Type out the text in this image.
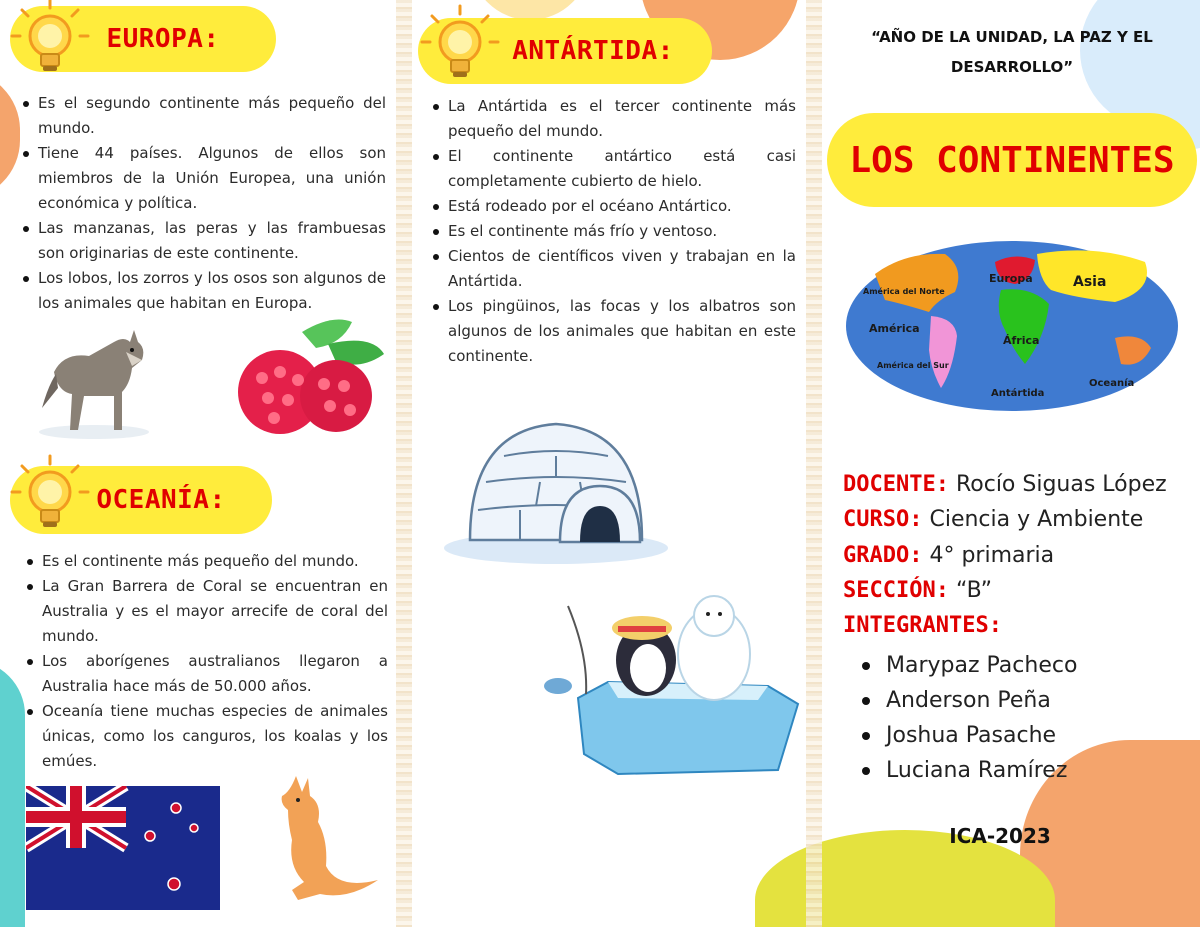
EUROPA:
Es el segundo continente más pequeño del mundo.
Tiene 44 países. Algunos de ellos son miembros de la Unión Europea, una unión económica y política.
Las manzanas, las peras y las frambuesas son originarias de este continente.
Los lobos, los zorros y los osos son algunos de los animales que habitan en Europa.
OCEANÍA:
Es el continente más pequeño del mundo.
La Gran Barrera de Coral se encuentran en Australia y es el mayor arrecife de coral del mundo.
Los aborígenes australianos llegaron a Australia hace más de 50.000 años.
Oceanía tiene muchas especies de animales únicas, como los canguros, los koalas y los emúes.
ANTÁRTIDA:
La Antártida es el tercer continente más pequeño del mundo.
El continente antártico está casi completamente cubierto de hielo.
Está rodeado por el océano Antártico.
Es el continente más frío y ventoso.
Cientos de científicos viven y trabajan en la Antártida.
Los pingüinos, las focas y los albatros son algunos de los animales que habitan en este continente.
“AÑO DE LA UNIDAD, LA PAZ Y EL DESARROLLO”
LOS CONTINENTES
América del Norte
América
América del Sur
Europa	Asia
África
Oceanía
Antártida
DOCENTE: Rocío Siguas López
CURSO: Ciencia y Ambiente
GRADO: 4° primaria
SECCIÓN: “B”
INTEGRANTES:
Marypaz Pacheco
Anderson Peña
Joshua Pasache
Luciana Ramírez
ICA-2023
